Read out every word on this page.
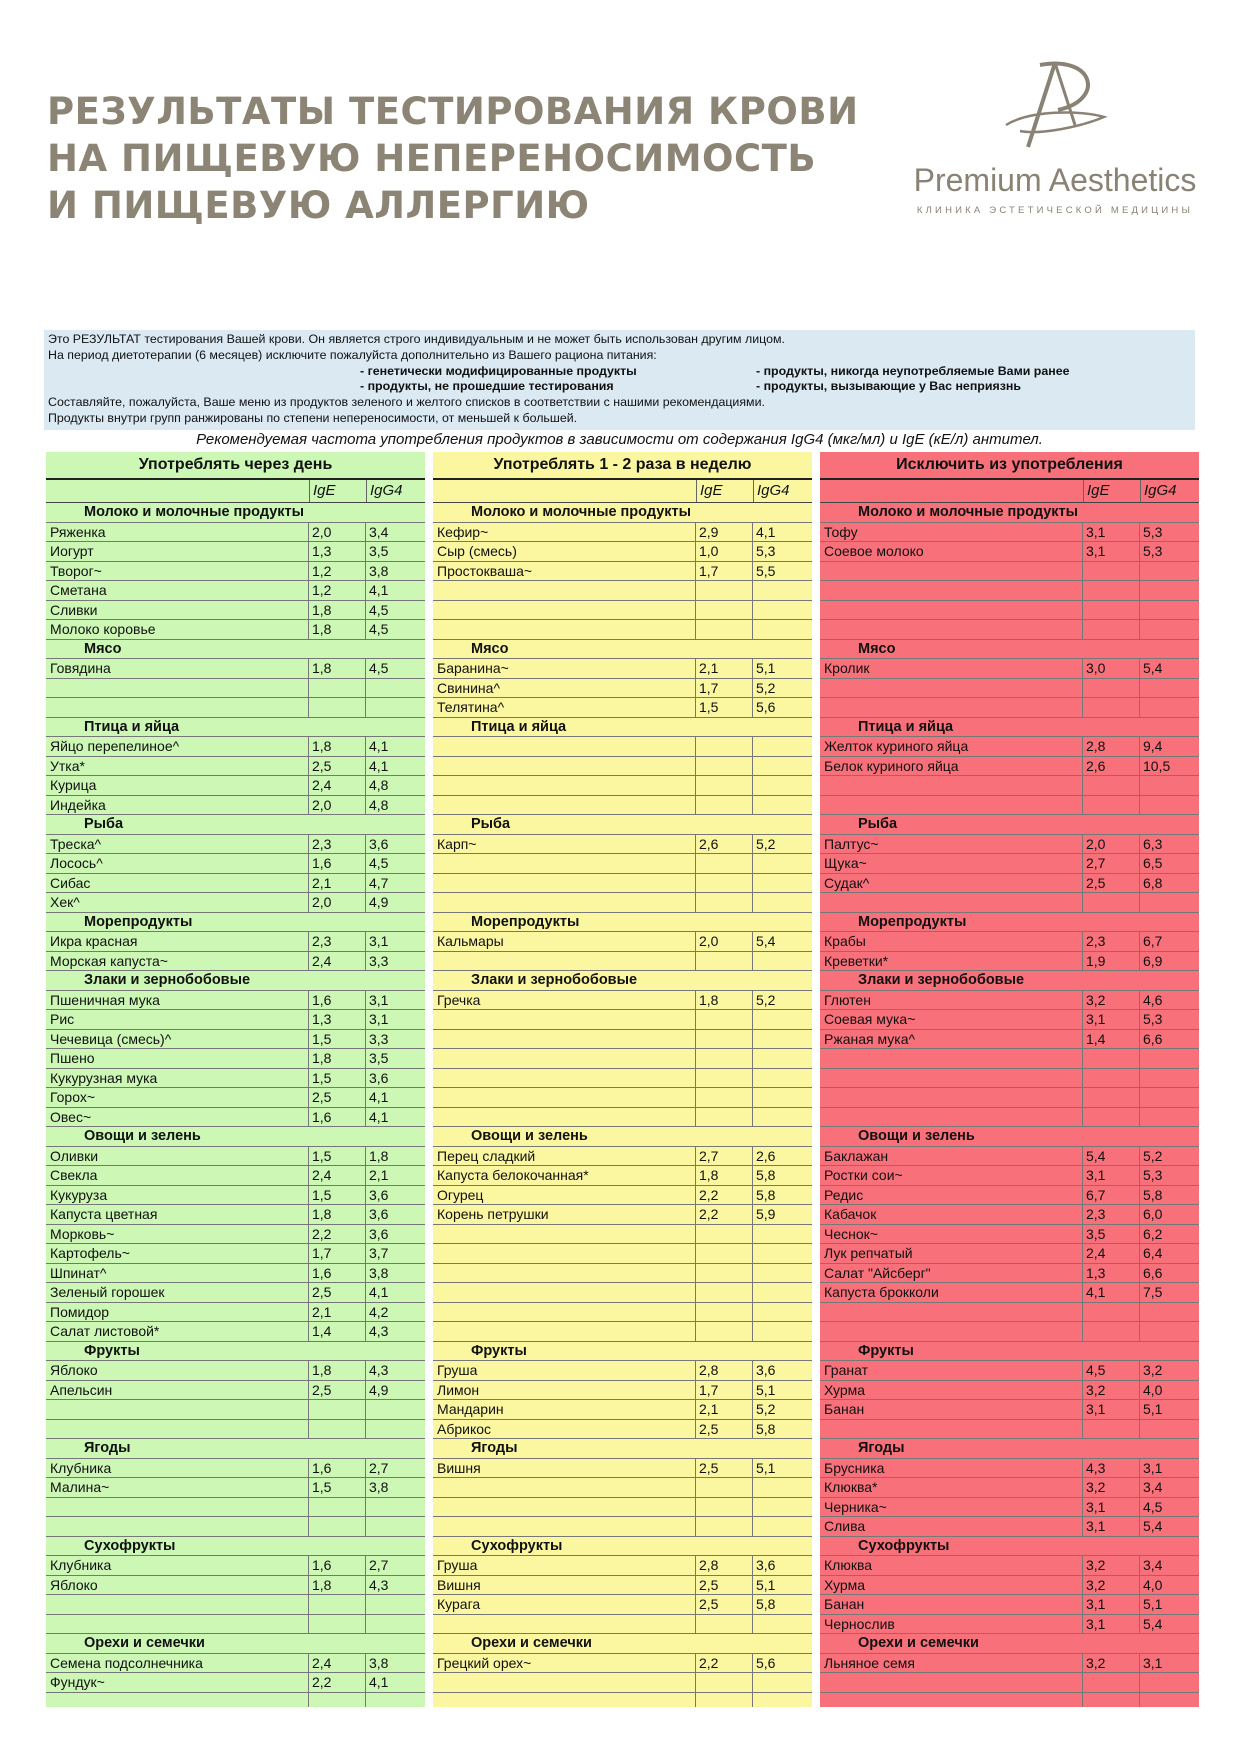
РЕЗУЛЬТАТЫ ТЕСТИРОВАНИЯ КРОВИ
НА ПИЩЕВУЮ НЕПЕРЕНОСИМОСТЬ
И ПИЩЕВУЮ АЛЛЕРГИЮ
Premium Aesthetics
КЛИНИКА ЭСТЕТИЧЕСКОЙ МЕДИЦИНЫ
Это РЕЗУЛЬТАТ тестирования Вашей крови. Он является строго индивидуальным и не может быть использован другим лицом.
На период диетотерапии (6 месяцев) исключите пожалуйста дополнительно из Вашего рациона питания:
- генетически модифицированные продукты	- продукты, никогда неупотребляемые Вами ранее
- продукты, не прошедшие тестирования	- продукты, вызывающие у Вас неприязнь
Составляйте, пожалуйста, Ваше меню из продуктов зеленого и желтого списков в соответствии с нашими рекомендациями.
Продукты внутри групп ранжированы по степени непереносимости, от меньшей к большей.
Рекомендуемая частота употребления продуктов в зависимости от содержания IgG4 (мкг/мл) и IgE (кЕ/л) антител.
Употреблять через день
IgE	IgG4
Молоко и молочные продукты
Ряженка	2,0	3,4
Иогурт	1,3	3,5
Творог~	1,2	3,8
Сметана	1,2	4,1
Сливки	1,8	4,5
Молоко коровье	1,8	4,5
Мясо
Говядина	1,8	4,5
Птица и яйца
Яйцо перепелиное^	1,8	4,1
Утка*	2,5	4,1
Курица	2,4	4,8
Индейка	2,0	4,8
Рыба
Треска^	2,3	3,6
Лосось^	1,6	4,5
Сибас	2,1	4,7
Хек^	2,0	4,9
Морепродукты
Икра красная	2,3	3,1
Морская капуста~	2,4	3,3
Злаки и зернобобовые
Пшеничная мука	1,6	3,1
Рис	1,3	3,1
Чечевица (смесь)^	1,5	3,3
Пшено	1,8	3,5
Кукурузная мука	1,5	3,6
Горох~	2,5	4,1
Овес~	1,6	4,1
Овощи и зелень
Оливки	1,5	1,8
Свекла	2,4	2,1
Кукуруза	1,5	3,6
Капуста цветная	1,8	3,6
Морковь~	2,2	3,6
Картофель~	1,7	3,7
Шпинат^	1,6	3,8
Зеленый горошек	2,5	4,1
Помидор	2,1	4,2
Салат листовой*	1,4	4,3
Фрукты
Яблоко	1,8	4,3
Апельсин	2,5	4,9
Ягоды
Клубника	1,6	2,7
Малина~	1,5	3,8
Сухофрукты
Клубника	1,6	2,7
Яблоко	1,8	4,3
Орехи и семечки
Семена подсолнечника	2,4	3,8
Фундук~	2,2	4,1
Употреблять 1 - 2 раза в неделю
IgE	IgG4
Молоко и молочные продукты
Кефир~	2,9	4,1
Сыр (смесь)	1,0	5,3
Простокваша~	1,7	5,5
Мясо
Баранина~	2,1	5,1
Свинина^	1,7	5,2
Телятина^	1,5	5,6
Птица и яйца
Рыба
Карп~	2,6	5,2
Морепродукты
Кальмары	2,0	5,4
Злаки и зернобобовые
Гречка	1,8	5,2
Овощи и зелень
Перец сладкий	2,7	2,6
Капуста белокочанная*	1,8	5,8
Огурец	2,2	5,8
Корень петрушки	2,2	5,9
Фрукты
Груша	2,8	3,6
Лимон	1,7	5,1
Мандарин	2,1	5,2
Абрикос	2,5	5,8
Ягоды
Вишня	2,5	5,1
Сухофрукты
Груша	2,8	3,6
Вишня	2,5	5,1
Курага	2,5	5,8
Орехи и семечки
Грецкий орех~	2,2	5,6
Исключить из употребления
IgE	IgG4
Молоко и молочные продукты
Тофу	3,1	5,3
Соевое молоко	3,1	5,3
Мясо
Кролик	3,0	5,4
Птица и яйца
Желток куриного яйца	2,8	9,4
Белок куриного яйца	2,6	10,5
Рыба
Палтус~	2,0	6,3
Щука~	2,7	6,5
Судак^	2,5	6,8
Морепродукты
Крабы	2,3	6,7
Креветки*	1,9	6,9
Злаки и зернобобовые
Глютен	3,2	4,6
Соевая мука~	3,1	5,3
Ржаная мука^	1,4	6,6
Овощи и зелень
Баклажан	5,4	5,2
Ростки сои~	3,1	5,3
Редис	6,7	5,8
Кабачок	2,3	6,0
Чеснок~	3,5	6,2
Лук репчатый	2,4	6,4
Салат "Айсберг"	1,3	6,6
Капуста брокколи	4,1	7,5
Фрукты
Гранат	4,5	3,2
Хурма	3,2	4,0
Банан	3,1	5,1
Ягоды
Брусника	4,3	3,1
Клюква*	3,2	3,4
Черника~	3,1	4,5
Слива	3,1	5,4
Сухофрукты
Клюква	3,2	3,4
Хурма	3,2	4,0
Банан	3,1	5,1
Чернослив	3,1	5,4
Орехи и семечки
Льняное семя	3,2	3,1
